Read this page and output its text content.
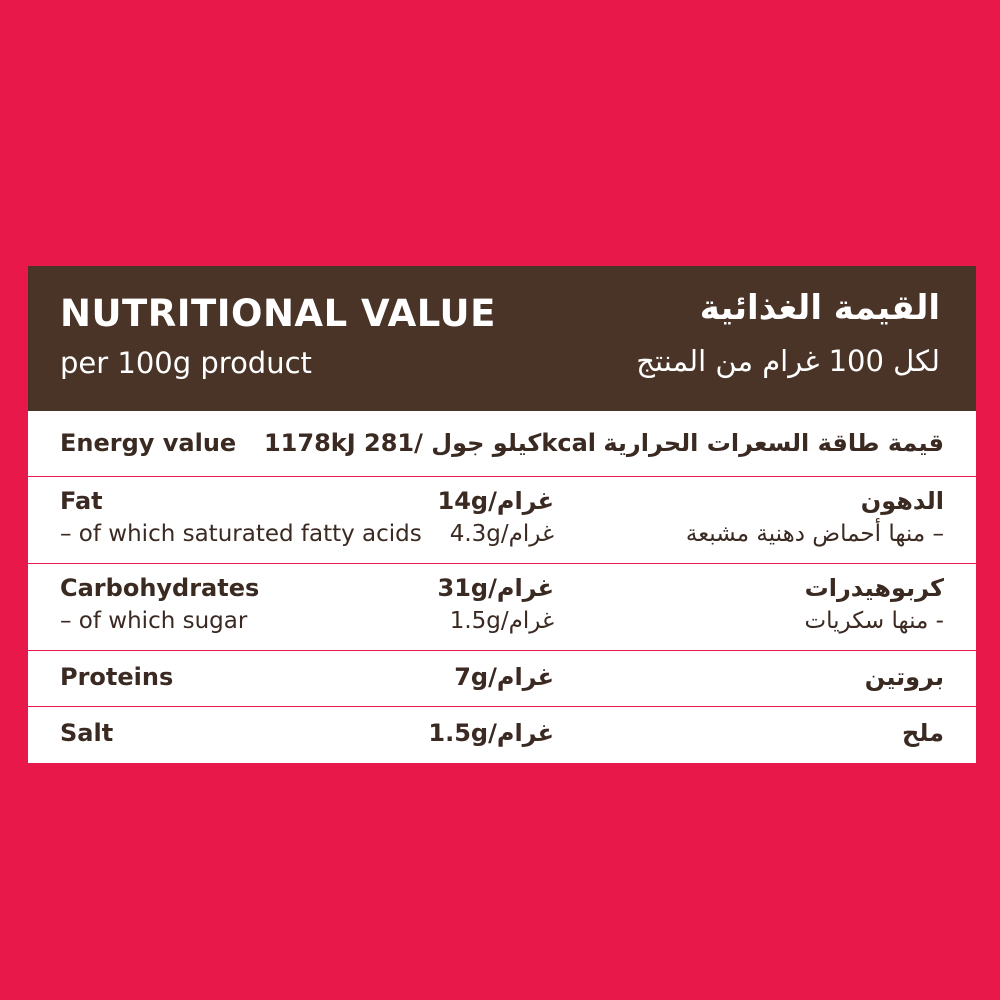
NUTRITIONAL VALUE
per 100g product
القيمة الغذائية
لكل 100 غرام من المنتج
Energy value 1178kJ كيلو جول /281kcal قيمة طاقة السعرات الحرارية
Fat	14g/غرام	الدهون
– of which saturated fatty acids 4.3g/غرام	– منها أحماض دهنية مشبعة
Carbohydrates	31g/غرام	كربوهيدرات
– of which sugar	1.5g/غرام	- منها سكريات
Proteins	7g/غرام	بروتين
Salt	1.5g/غرام	ملح
